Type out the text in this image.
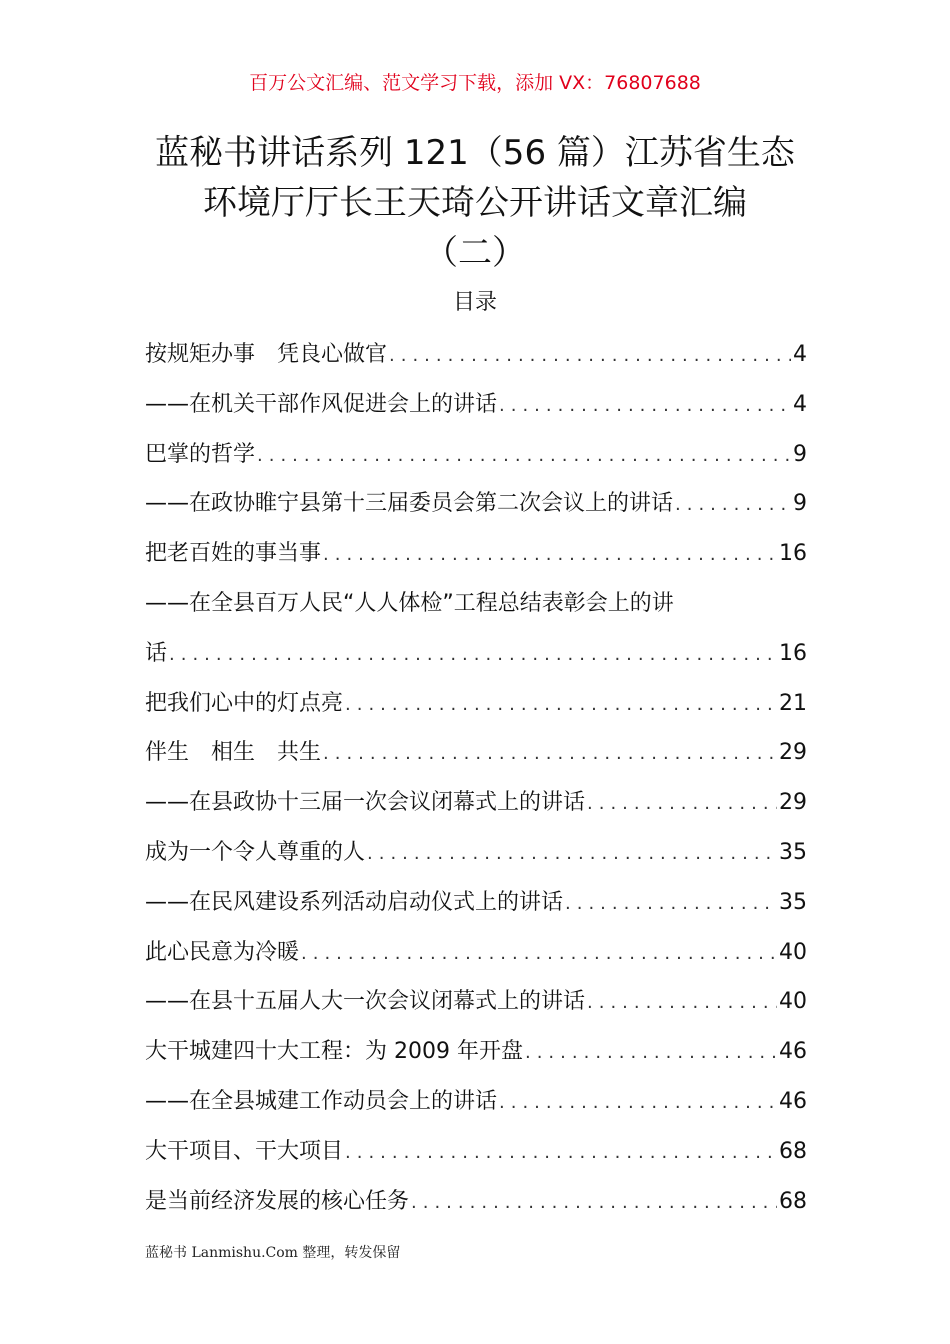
百万公文汇编、范文学习下载，添加 VX：76807688
蓝秘书讲话系列 121（56 篇）江苏省生态
环境厅厅长王天琦公开讲话文章汇编
（二）
目录
按规矩办事　凭良心做官 .....	4
——在机关干部作风促进会上的讲话 .....	4
巴掌的哲学 .....	9
——在政协睢宁县第十三届委员会第二次会议上的讲话 .....	9
把老百姓的事当事 .....	16
——在全县百万人民“人人体检”工程总结表彰会上的讲
话 .....	16
把我们心中的灯点亮 .....	21
伴生　相生　共生 .....	29
——在县政协十三届一次会议闭幕式上的讲话 .....	29
成为一个令人尊重的人 .....	35
——在民风建设系列活动启动仪式上的讲话 .....	35
此心民意为冷暖 .....	40
——在县十五届人大一次会议闭幕式上的讲话 .....	40
大干城建四十大工程：为 2009 年开盘 .....	46
——在全县城建工作动员会上的讲话 .....	46
大干项目、干大项目 .....	68
是当前经济发展的核心任务 .....	68
蓝秘书 Lanmishu.Com 整理，转发保留
